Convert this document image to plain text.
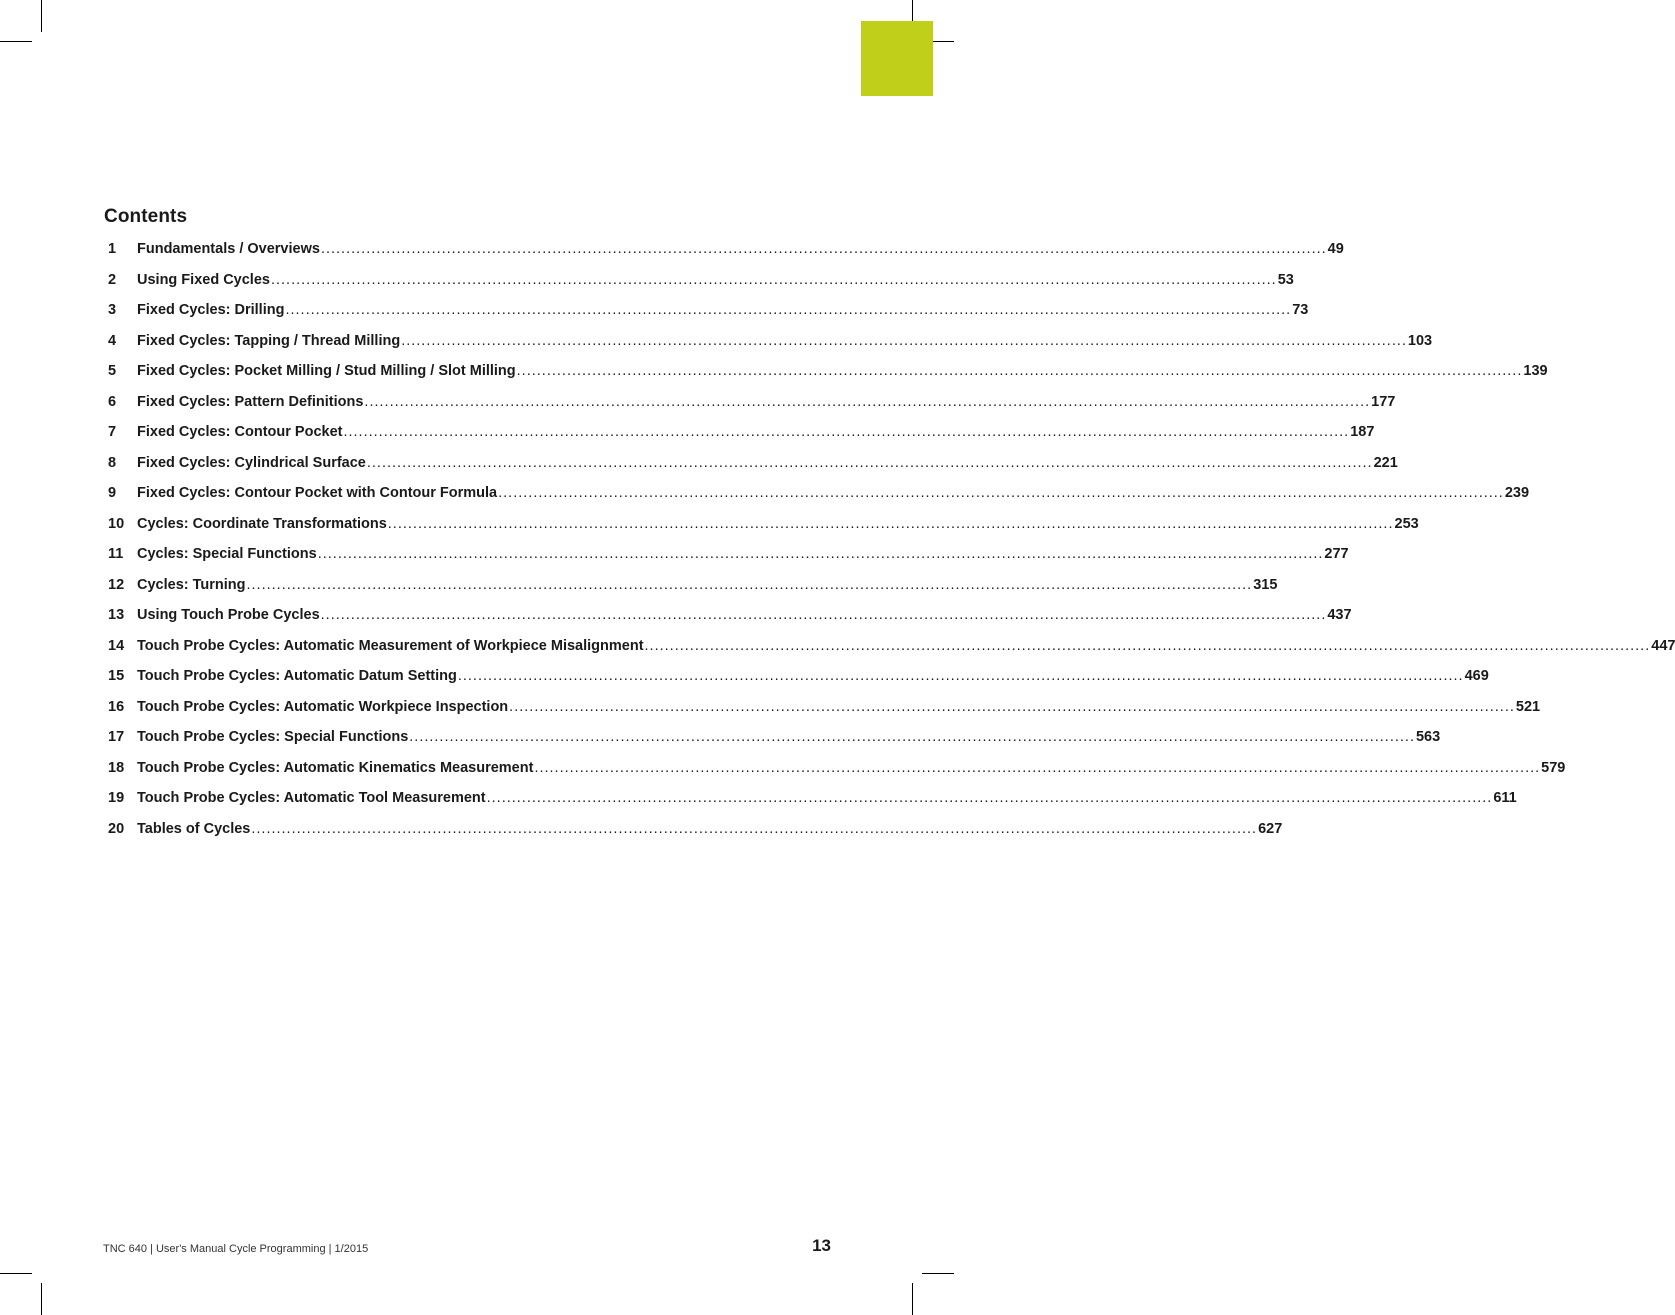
Contents
1	Fundamentals / Overviews ........................................................................................................................................................................................................ 49
2	Using Fixed Cycles ........................................................................................................................................................................................................ 53
3	Fixed Cycles: Drilling ........................................................................................................................................................................................................ 73
4	Fixed Cycles: Tapping / Thread Milling ........................................................................................................................................................................................................ 103
5	Fixed Cycles: Pocket Milling / Stud Milling / Slot Milling ........................................................................................................................................................................................................ 139
6	Fixed Cycles: Pattern Definitions ........................................................................................................................................................................................................ 177
7	Fixed Cycles: Contour Pocket ........................................................................................................................................................................................................ 187
8	Fixed Cycles: Cylindrical Surface ........................................................................................................................................................................................................ 221
9	Fixed Cycles: Contour Pocket with Contour Formula ........................................................................................................................................................................................................ 239
10 Cycles: Coordinate Transformations ........................................................................................................................................................................................................ 253
11 Cycles: Special Functions ........................................................................................................................................................................................................ 277
12 Cycles: Turning ........................................................................................................................................................................................................ 315
13 Using Touch Probe Cycles ........................................................................................................................................................................................................ 437
14 Touch Probe Cycles: Automatic Measurement of Workpiece Misalignment ........................................................................................................................................................................................................ 447
15 Touch Probe Cycles: Automatic Datum Setting ........................................................................................................................................................................................................ 469
16 Touch Probe Cycles: Automatic Workpiece Inspection ........................................................................................................................................................................................................ 521
17 Touch Probe Cycles: Special Functions ........................................................................................................................................................................................................ 563
18 Touch Probe Cycles: Automatic Kinematics Measurement ........................................................................................................................................................................................................ 579
19 Touch Probe Cycles: Automatic Tool Measurement ........................................................................................................................................................................................................ 611
20 Tables of Cycles ........................................................................................................................................................................................................ 627
TNC 640 | User's Manual Cycle Programming | 1/2015	13
